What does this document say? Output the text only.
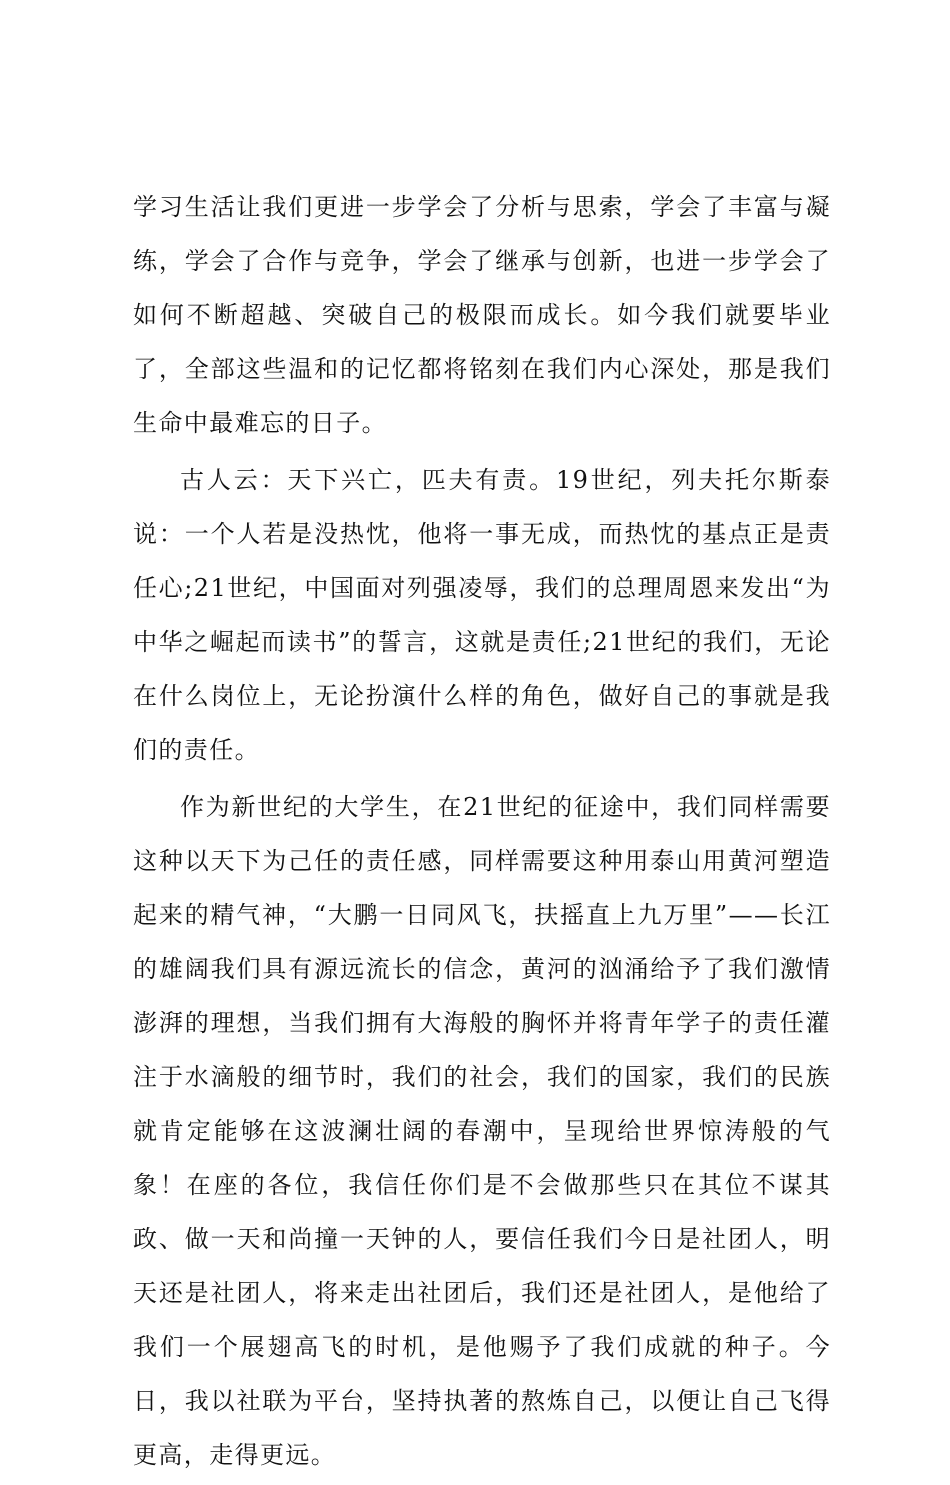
学习生活让我们更进一步学会了分析与思索，学会了丰富与凝练，学会了合作与竞争，学会了继承与创新，也进一步学会了如何不断超越、突破自己的极限而成长。如今我们就要毕业了，全部这些温和的记忆都将铭刻在我们内心深处，那是我们生命中最难忘的日子。

古人云：天下兴亡，匹夫有责。19世纪，列夫托尔斯泰说：一个人若是没热忱，他将一事无成，而热忱的基点正是责任心;21世纪，中国面对列强凌辱，我们的总理周恩来发出“为中华之崛起而读书”的誓言，这就是责任;21世纪的我们，无论在什么岗位上，无论扮演什么样的角色，做好自己的事就是我们的责任。

作为新世纪的大学生，在21世纪的征途中，我们同样需要这种以天下为己任的责任感，同样需要这种用泰山用黄河塑造起来的精气神，“大鹏一日同风飞，扶摇直上九万里”——长江的雄阔我们具有源远流长的信念，黄河的汹涌给予了我们激情澎湃的理想，当我们拥有大海般的胸怀并将青年学子的责任灌注于水滴般的细节时，我们的社会，我们的国家，我们的民族就肯定能够在这波澜壮阔的春潮中，呈现给世界惊涛般的气象！在座的各位，我信任你们是不会做那些只在其位不谋其政、做一天和尚撞一天钟的人，要信任我们今日是社团人，明天还是社团人，将来走出社团后，我们还是社团人，是他给了我们一个展翅高飞的时机，是他赐予了我们成就的种子。今日，我以社联为平台，坚持执著的熬炼自己，以便让自己飞得更高，走得更远。
